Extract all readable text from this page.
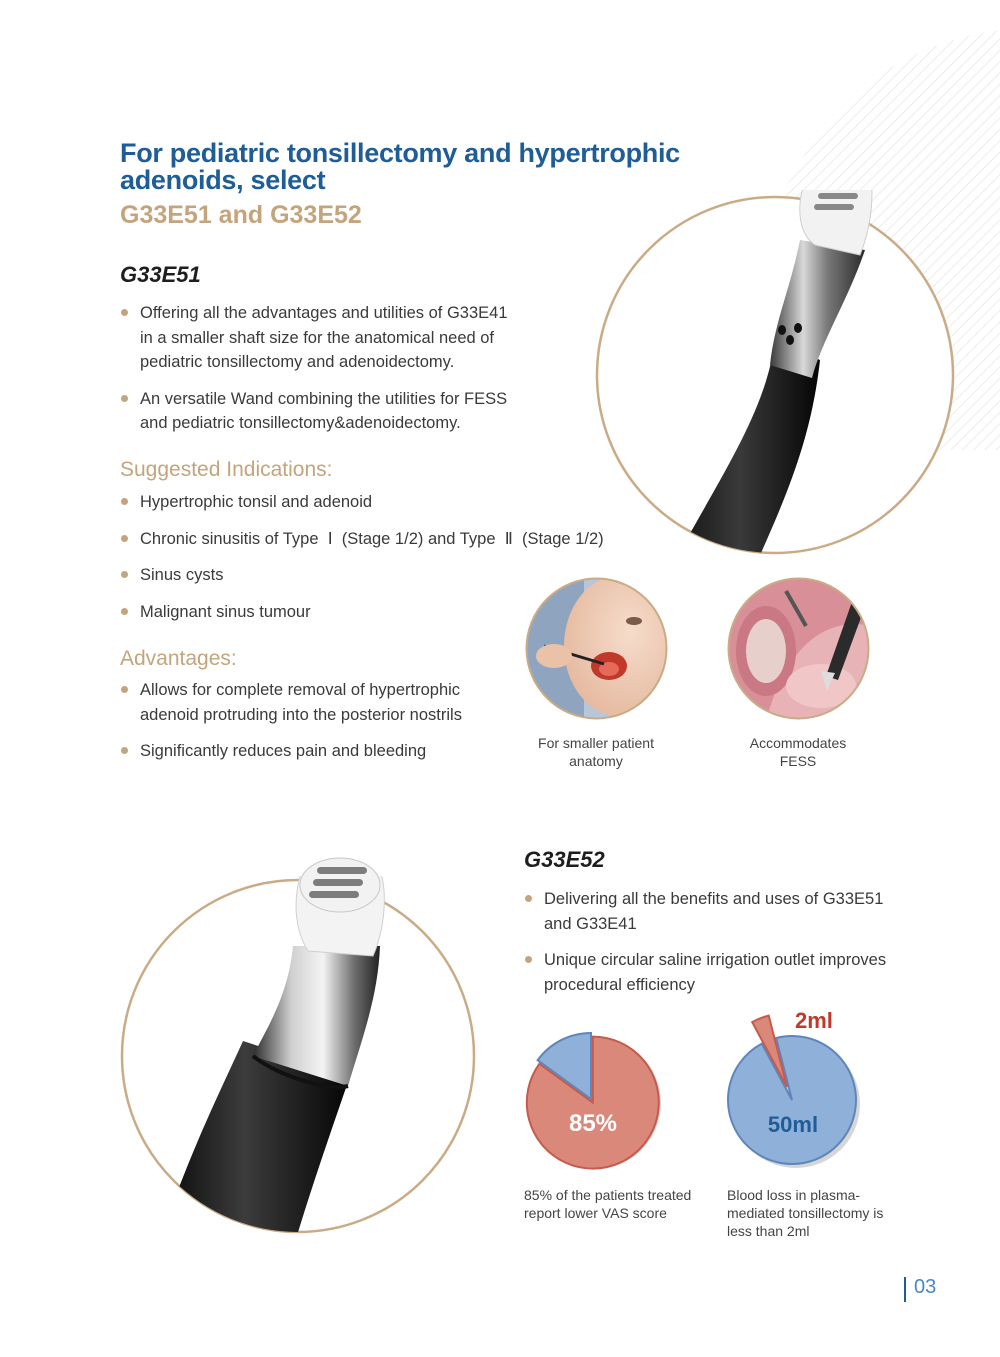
For pediatric tonsillectomy and hypertrophic
adenoids, select
G33E51 and G33E52
G33E51
Offering all the advantages and utilities of G33E41 in a smaller shaft size for the anatomical need of pediatric tonsillectomy and adenoidectomy.
An versatile Wand combining the utilities for FESS and pediatric tonsillectomy&adenoidectomy.
Suggested Indications:
Hypertrophic tonsil and adenoid
Chronic sinusitis of Type  Ⅰ  (Stage 1/2) and Type  Ⅱ  (Stage 1/2)
Sinus cysts
Malignant sinus tumour
Advantages:
Allows for complete removal of hypertrophic adenoid protruding into the posterior nostrils
Significantly reduces pain and bleeding	For smaller patient anatomy
Accommodates FESS
G33E52
Delivering all the benefits and uses of G33E51 and G33E41
Unique circular saline irrigation outlet improves procedural efficiency
85%
2ml
50ml
85% of the patients treated report lower VAS score
Blood loss in plasma-mediated tonsillectomy is less than 2ml
03
